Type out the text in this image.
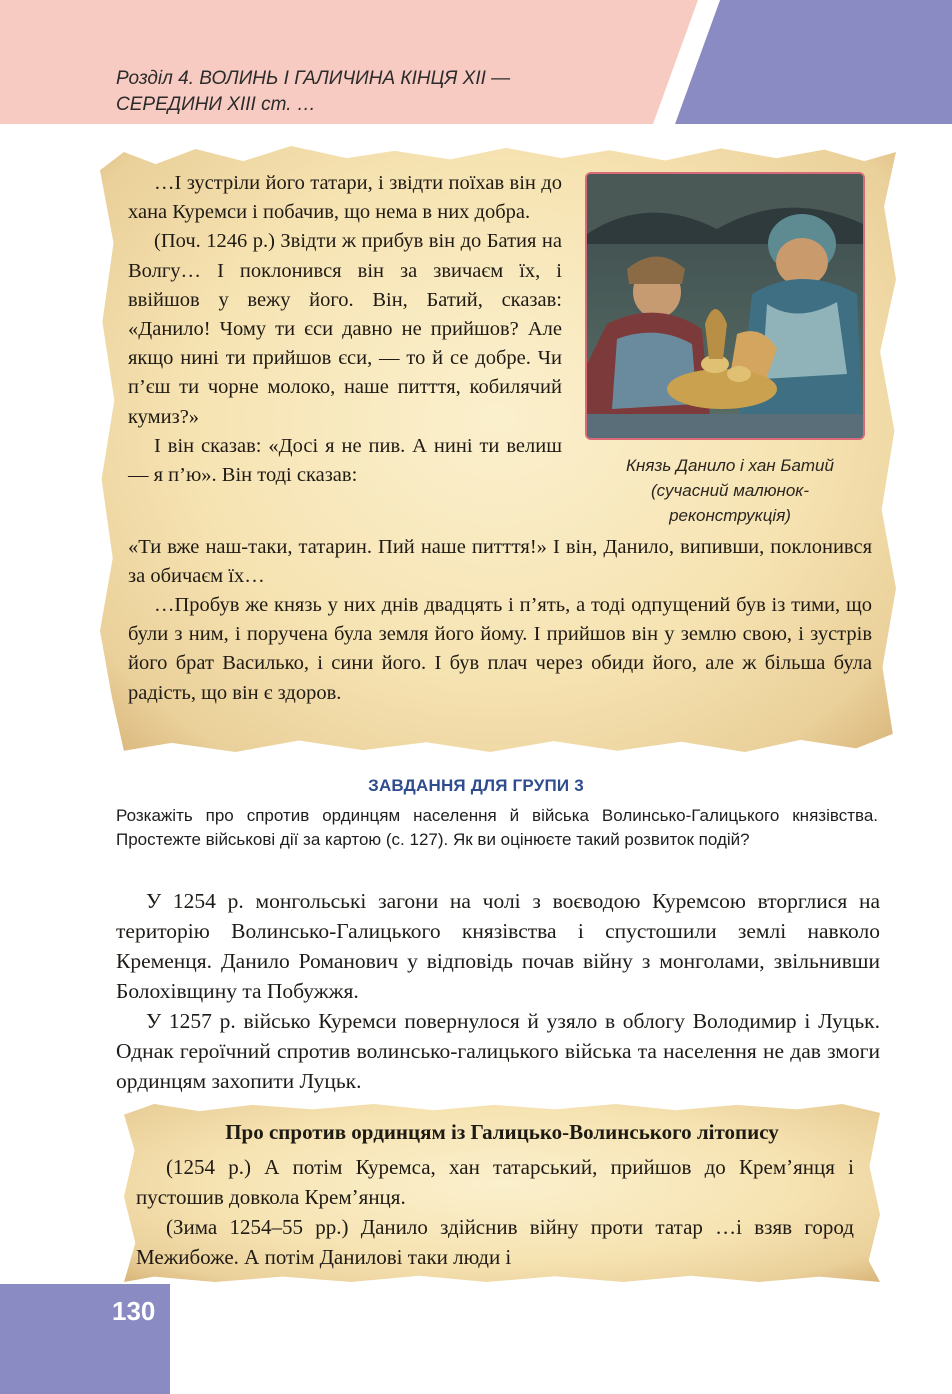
Розділ 4. ВОЛИНЬ І ГАЛИЧИНА КІНЦЯ XII —
СЕРЕДИНИ XIII ст. …
Князь Данило і хан Батий
(сучасний малюнок-
реконструкція)

…І зустріли його татари, і звідти поїхав він до хана Куремси і побачив, що нема в них добра.

(Поч. 1246 р.) Звідти ж прибув він до Батия на Волгу… І поклонився він за звичаєм їх, і ввійшов у вежу його. Він, Батий, сказав: «Данило! Чому ти єси давно не прийшов? Але якщо нині ти прийшов єси, — то й се добре. Чи п’єш ти чорне молоко, наше питття, кобилячий кумиз?»

І він сказав: «Досі я не пив. А нині ти велиш — я п’ю». Він тоді сказав:

«Ти вже наш-таки, татарин. Пий наше питття!» І він, Данило, випивши, поклонився за обичаєм їх…

…Пробув же князь у них днів двадцять і п’ять, а тоді одпущений був із тими, що були з ним, і поручена була земля його йому. І прийшов він у землю свою, і зустрів його брат Василько, і сини його. І був плач через обиди його, але ж більша була радість, що він є здоров.

ЗАВДАННЯ ДЛЯ ГРУПИ 3

Розкажіть про спротив ординцям населення й війська Волинсько-Галицького князівства. Простежте військові дії за картою (с. 127). Як ви оцінюєте такий розвиток подій?

У 1254 р. монгольські загони на чолі з воєводою Куремсою вторглися на територію Волинсько-Галицького князівства і спустошили землі навколо Кременця. Данило Романович у відповідь почав війну з монголами, звільнивши Болохівщину та Побужжя.

У 1257 р. військо Куремси повернулося й узяло в облогу Володимир і Луцьк. Однак героїчний спротив волинсько-галицького війська та населення не дав змоги ординцям захопити Луцьк.

Про спротив ординцям із Галицько-Волинського літопису

(1254 р.) А потім Куремса, хан татарський, прийшов до Крем’янця і пустошив довкола Крем’янця.

(Зима 1254–55 рр.) Данило здійснив війну проти татар …і взяв город Межибоже. А потім Данилові таки люди і

130
